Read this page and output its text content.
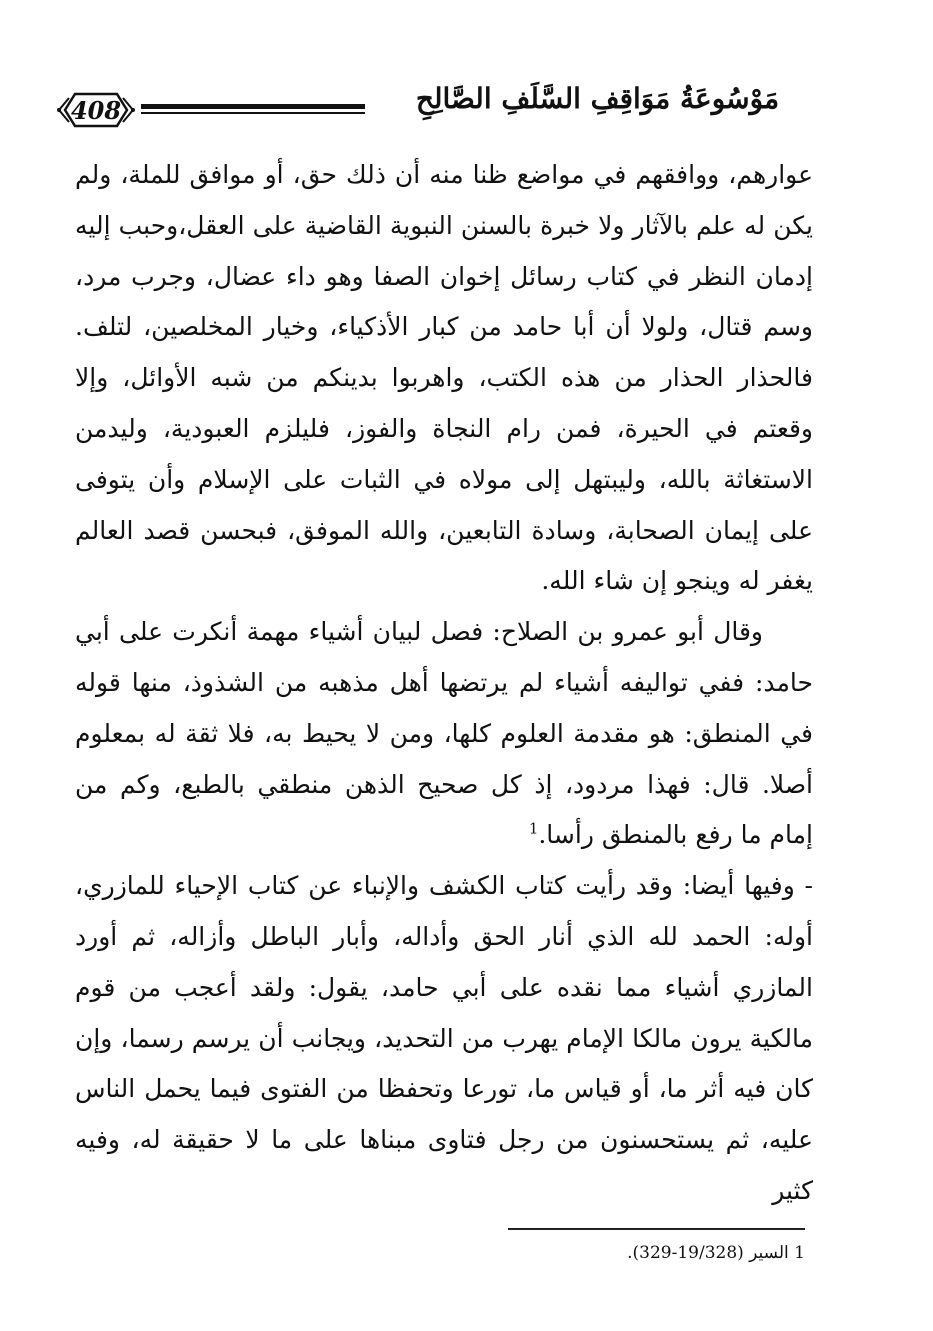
408	مَوْسُوعَةُ مَوَاقِفِ السَّلَفِ الصَّالِحِ

عوارهم، ووافقهم في مواضع ظنا منه أن ذلك حق، أو موافق للملة، ولم يكن له علم بالآثار ولا خبرة بالسنن النبوية القاضية على العقل،وحبب إليه إدمان النظر في كتاب رسائل إخوان الصفا وهو داء عضال، وجرب مرد، وسم قتال، ولولا أن أبا حامد من كبار الأذكياء، وخيار المخلصين، لتلف. فالحذار الحذار من هذه الكتب، واهربوا بدينكم من شبه الأوائل، وإلا وقعتم في الحيرة، فمن رام النجاة والفوز، فليلزم العبودية، وليدمن الاستغاثة بالله، وليبتهل إلى مولاه في الثبات على الإسلام وأن يتوفى على إيمان الصحابة، وسادة التابعين، والله الموفق، فبحسن قصد العالم يغفر له وينجو إن شاء الله.

وقال أبو عمرو بن الصلاح: فصل لبيان أشياء مهمة أنكرت على أبي حامد: ففي تواليفه أشياء لم يرتضها أهل مذهبه من الشذوذ، منها قوله في المنطق: هو مقدمة العلوم كلها، ومن لا يحيط به، فلا ثقة له بمعلوم أصلا. قال: فهذا مردود، إذ كل صحيح الذهن منطقي بالطبع، وكم من إمام ما رفع بالمنطق رأسا.$^1$

- وفيها أيضا: وقد رأيت كتاب الكشف والإنباء عن كتاب الإحياء للمازري، أوله: الحمد لله الذي أنار الحق وأداله، وأبار الباطل وأزاله، ثم أورد المازري أشياء مما نقده على أبي حامد، يقول: ولقد أعجب من قوم مالكية يرون مالكا الإمام يهرب من التحديد، ويجانب أن يرسم رسما، وإن كان فيه أثر ما، أو قياس ما، تورعا وتحفظا من الفتوى فيما يحمل الناس عليه، ثم يستحسنون من رجل فتاوى مبناها على ما لا حقيقة له، وفيه كثير

1 السير (19/328-329).
